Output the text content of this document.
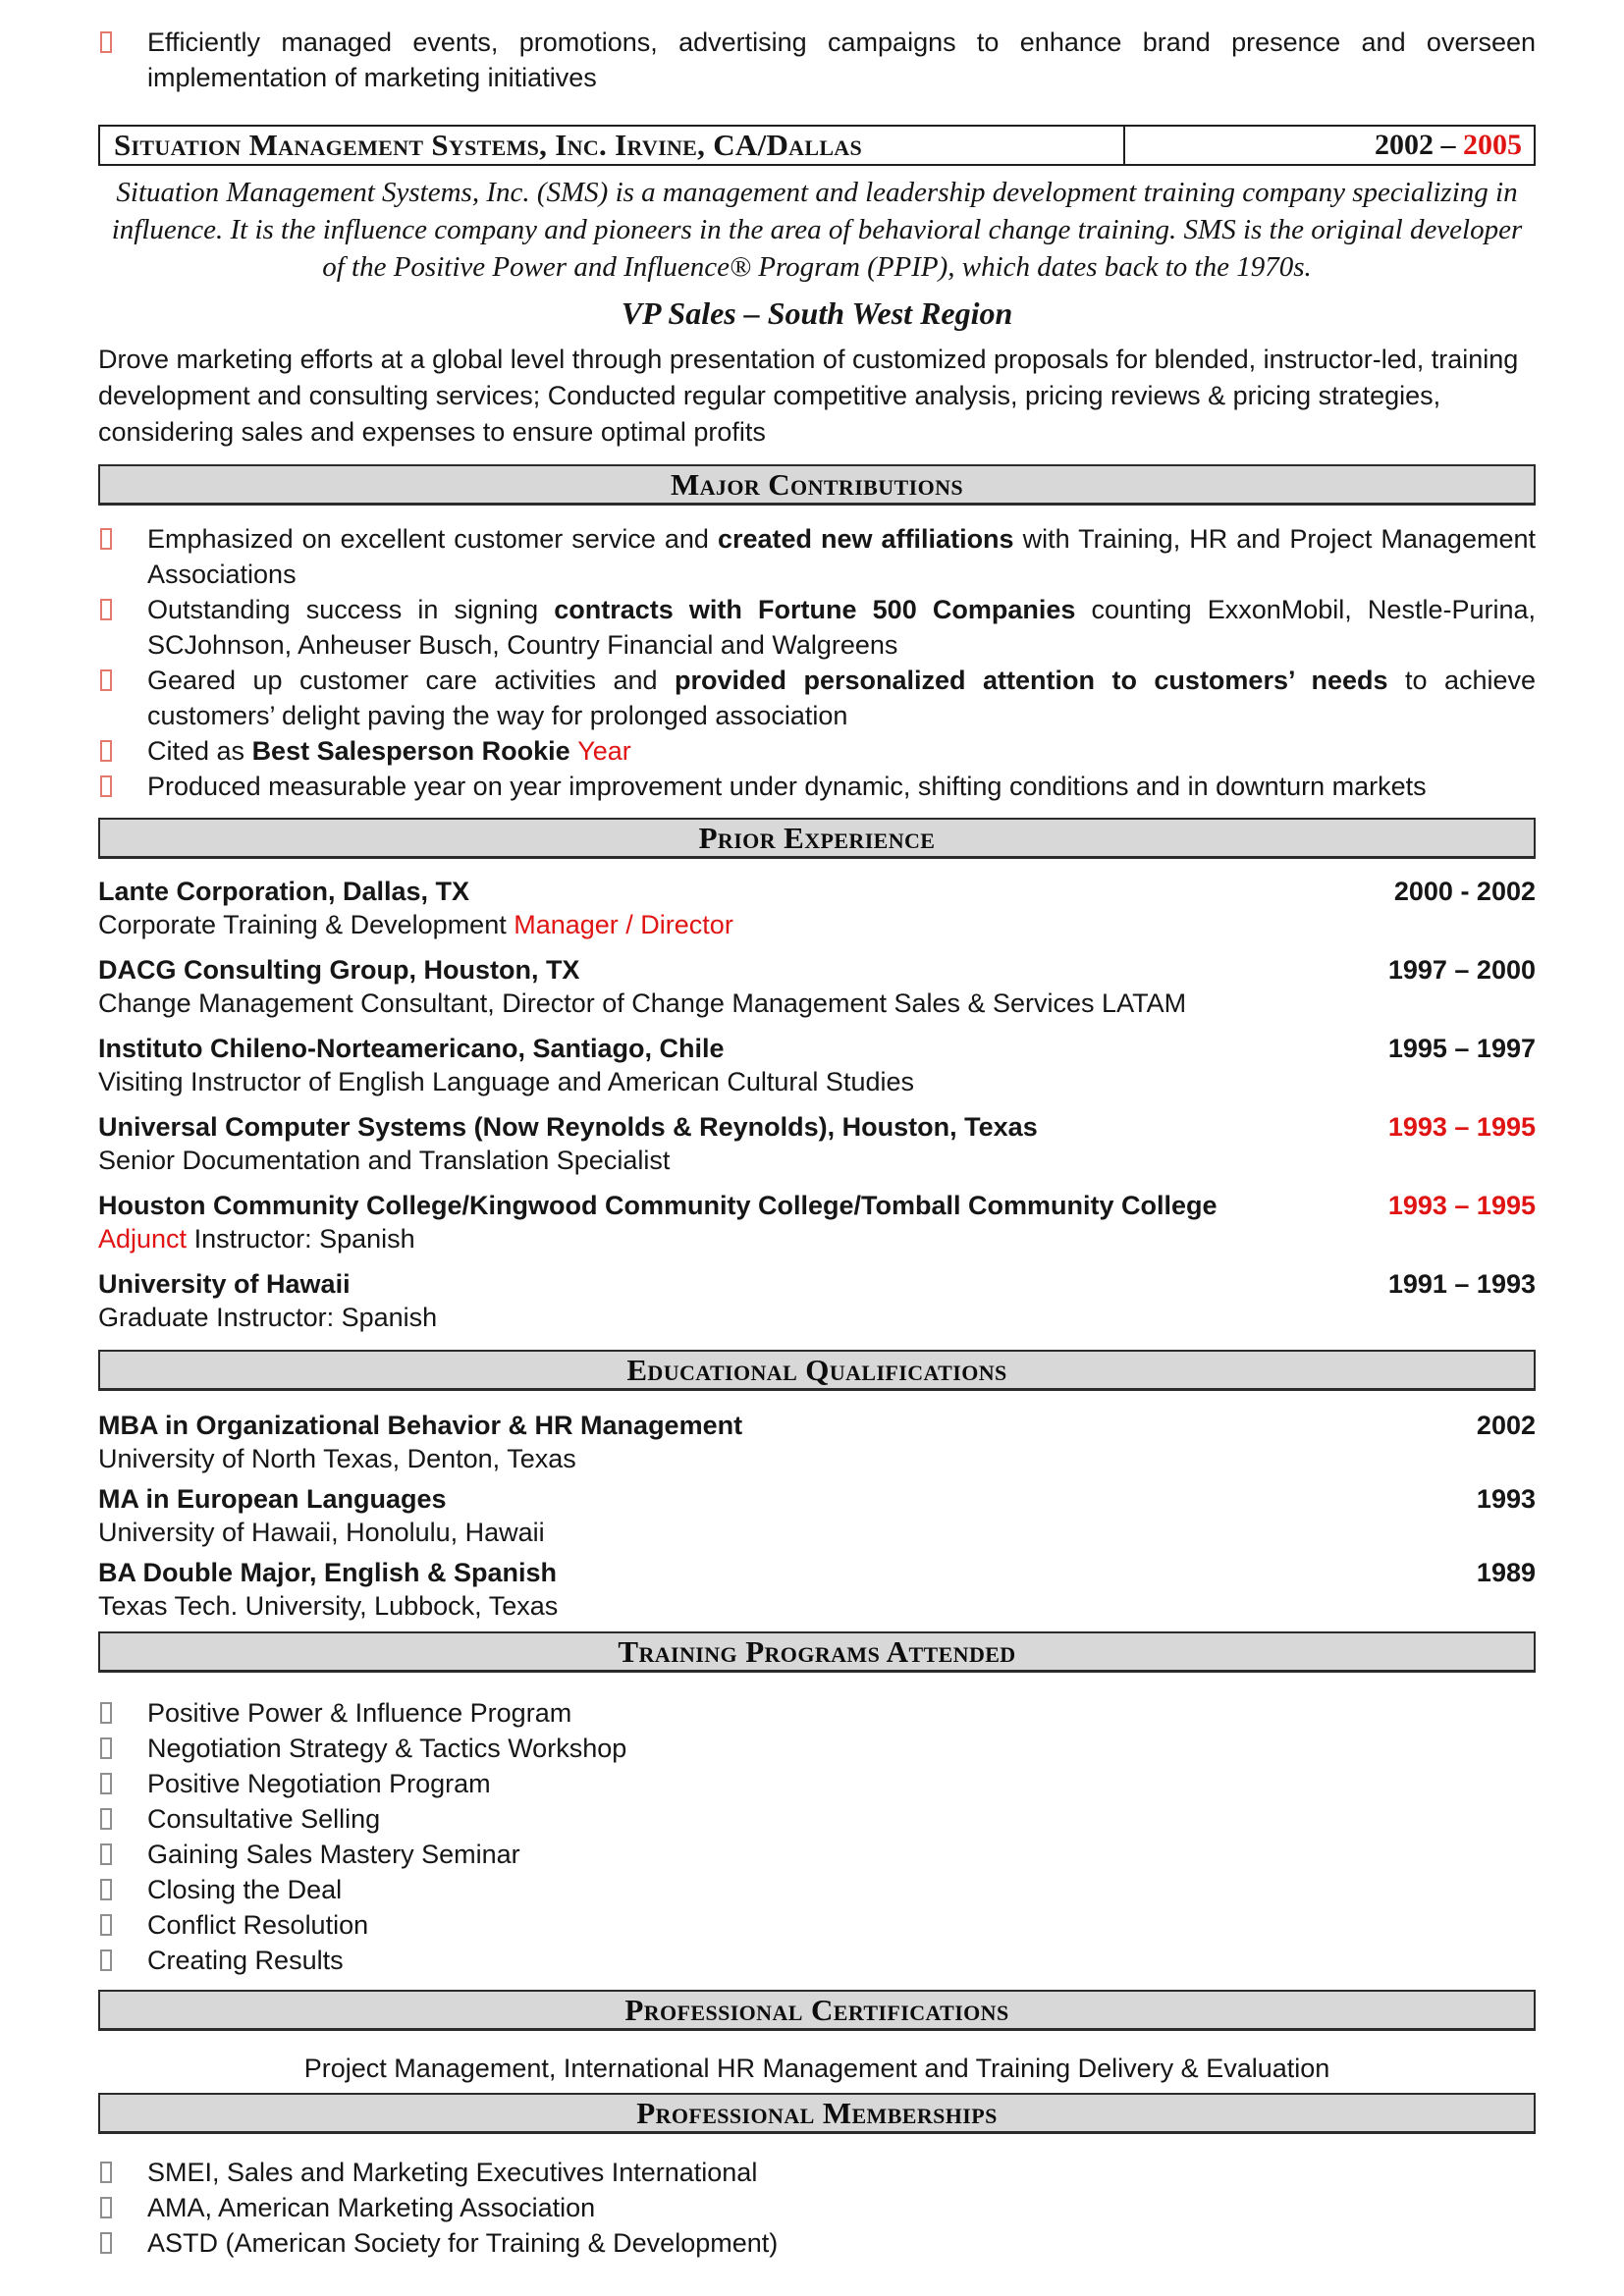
Efficiently managed events, promotions, advertising campaigns to enhance brand presence and overseen implementation of marketing initiatives
Situation Management Systems, Inc. Irvine, CA/Dallas	2002 – 2005
Situation Management Systems, Inc. (SMS) is a management and leadership development training company specializing in influence. It is the influence company and pioneers in the area of behavioral change training. SMS is the original developer of the Positive Power and Influence® Program (PPIP), which dates back to the 1970s.
VP Sales – South West Region
Drove marketing efforts at a global level through presentation of customized proposals for blended, instructor-led, training development and consulting services; Conducted regular competitive analysis, pricing reviews & pricing strategies, considering sales and expenses to ensure optimal profits
Major Contributions
Emphasized on excellent customer service and created new affiliations with Training, HR and Project Management Associations
Outstanding success in signing contracts with Fortune 500 Companies counting ExxonMobil, Nestle-Purina, SCJohnson, Anheuser Busch, Country Financial and Walgreens
Geared up customer care activities and provided personalized attention to customers’ needs to achieve customers’ delight paving the way for prolonged association
Cited as Best Salesperson Rookie Year
Produced measurable year on year improvement under dynamic, shifting conditions and in downturn markets
Prior Experience
Lante Corporation, Dallas, TX	2000 - 2002
Corporate Training & Development Manager / Director
DACG Consulting Group, Houston, TX	1997 – 2000
Change Management Consultant, Director of Change Management Sales & Services LATAM
Instituto Chileno-Norteamericano, Santiago, Chile	1995 – 1997
Visiting Instructor of English Language and American Cultural Studies
Universal Computer Systems (Now Reynolds & Reynolds), Houston, Texas	1993 – 1995
Senior Documentation and Translation Specialist
Houston Community College/Kingwood Community College/Tomball Community College	1993 – 1995
Adjunct Instructor: Spanish
University of Hawaii	1991 – 1993
Graduate Instructor: Spanish
Educational Qualifications
MBA in Organizational Behavior & HR Management	2002
University of North Texas, Denton, Texas
MA in European Languages	1993
University of Hawaii, Honolulu, Hawaii
BA Double Major, English & Spanish	1989
Texas Tech. University, Lubbock, Texas
Training Programs Attended
Positive Power & Influence Program
Negotiation Strategy & Tactics Workshop
Positive Negotiation Program
Consultative Selling
Gaining Sales Mastery Seminar
Closing the Deal
Conflict Resolution
Creating Results
Professional Certifications
Project Management, International HR Management and Training Delivery & Evaluation
Professional Memberships
SMEI, Sales and Marketing Executives International
AMA, American Marketing Association
ASTD (American Society for Training & Development)
